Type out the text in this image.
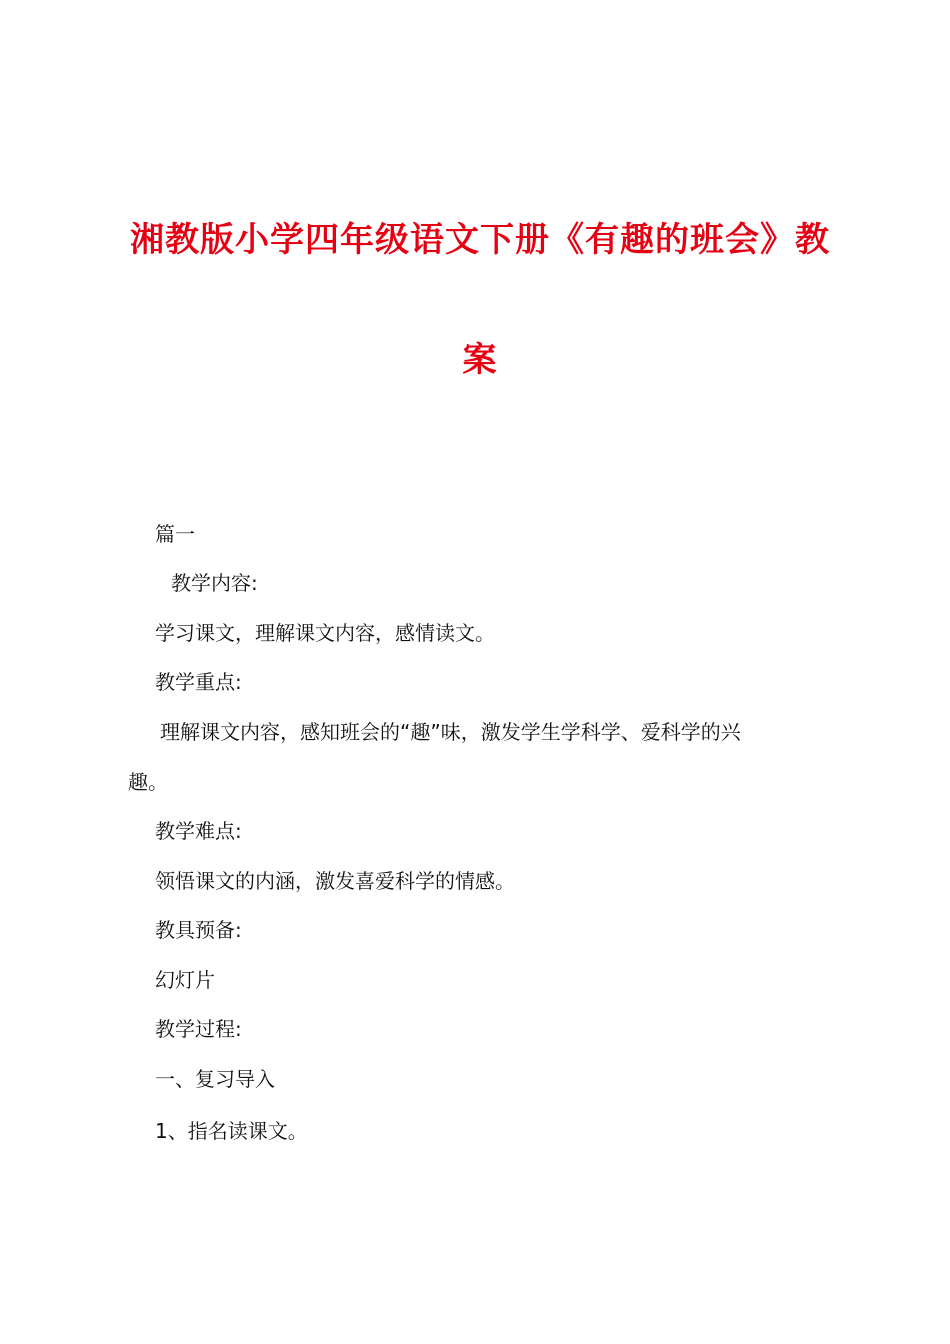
湘教版小学四年级语文下册《有趣的班会》教
案
篇一
教学内容:
学习课文，理解课文内容，感情读文。
教学重点:
理解课文内容，感知班会的“趣”味，激发学生学科学、爱科学的兴
趣。
教学难点:
领悟课文的内涵，激发喜爱科学的情感。
教具预备:
幻灯片
教学过程:
一、复习导入
1、指名读课文。
